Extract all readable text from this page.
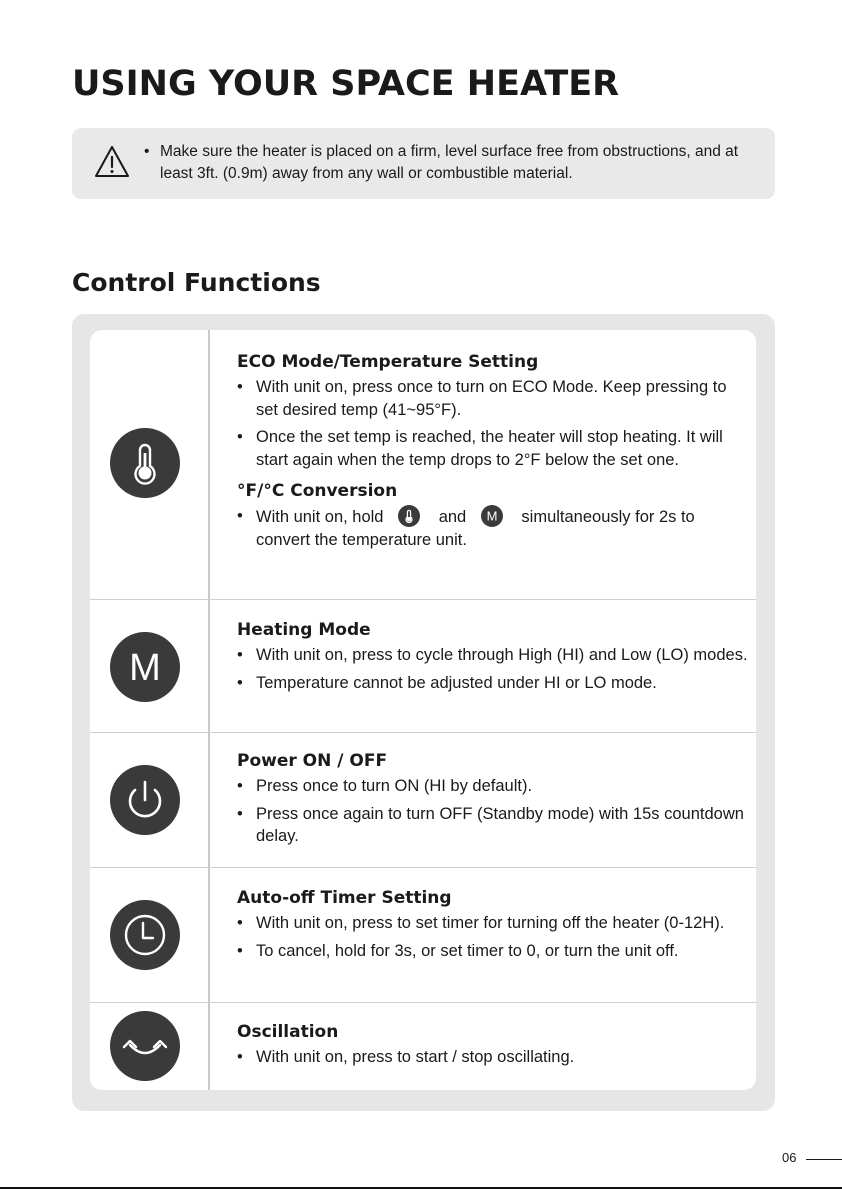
USING YOUR SPACE HEATER
• Make sure the heater is placed on a firm, level surface free from obstructions, and at least 3ft. (0.9m) away from any wall or combustible material.
Control Functions
ECO Mode/Temperature Setting
• With unit on, press once to turn on ECO Mode. Keep pressing to set desired temp (41~95°F).
• Once the set temp is reached, the heater will stop heating. It will start again when the temp drops to 2°F below the set one.
°F/°C Conversion
• With unit on, hold	and M simultaneously for 2s to convert the temperature unit.
M
Heating Mode
• With unit on, press to cycle through High (HI) and Low (LO) modes.
• Temperature cannot be adjusted under HI or LO mode.
Power ON / OFF
• Press once to turn ON (HI by default).
• Press once again to turn OFF (Standby mode) with 15s countdown delay.
Auto-off Timer Setting
• With unit on, press to set timer for turning off the heater (0-12H).
• To cancel, hold for 3s, or set timer to 0, or turn the unit off.
Oscillation
• With unit on, press to start / stop oscillating.
06
